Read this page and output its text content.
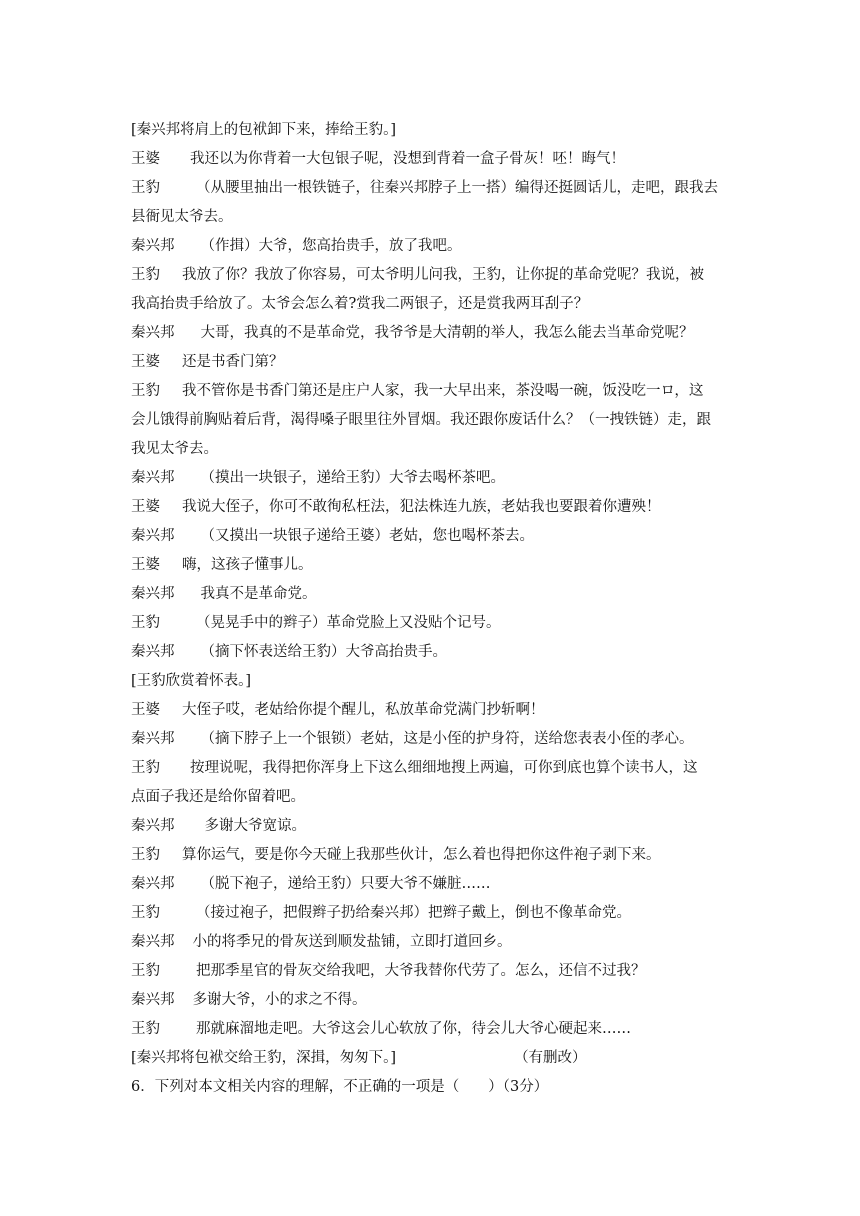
[秦兴邦将肩上的包袱卸下来，捧给王豹。]
王婆 我还以为你背着一大包银子呢，没想到背着一盒子骨灰！呸！晦气！
王豹 （从腰里抽出一根铁链子，往秦兴邦脖子上一搭）编得还挺圆话儿，走吧，跟我去
县衙见太爷去。
秦兴邦 （作揖）大爷，您高抬贵手，放了我吧。
王豹 我放了你？我放了你容易，可太爷明儿问我，王豹，让你捉的革命党呢？我说，被
我高抬贵手给放了。太爷会怎么着?赏我二两银子，还是赏我两耳刮子？
秦兴邦 大哥，我真的不是革命党，我爷爷是大清朝的举人，我怎么能去当革命党呢？
王婆 还是书香门第？
王豹 我不管你是书香门第还是庄户人家，我一大早出来，茶没喝一碗，饭没吃一ロ，这
会儿饿得前胸贴着后背，渴得嗓子眼里往外冒烟。我还跟你废话什么？（一拽铁链）走，跟
我见太爷去。
秦兴邦 （摸出一块银子，递给王豹）大爷去喝杯茶吧。
王婆 我说大侄子，你可不敢徇私枉法，犯法株连九族，老姑我也要跟着你遭殃！
秦兴邦 （又摸出一块银子递给王婆）老姑，您也喝杯茶去。
王婆 嗨，这孩子懂事儿。
秦兴邦 我真不是革命党。
王豹 （晃晃手中的辫子）革命党脸上又没贴个记号。
秦兴邦 （摘下怀表送给王豹）大爷高抬贵手。
[王豹欣赏着怀表。]
王婆 大侄子哎，老姑给你提个醒儿，私放革命党满门抄斩啊！
秦兴邦 （摘下脖子上一个银锁）老姑，这是小侄的护身符，送给您表表小侄的孝心。
王豹 按理说呢，我得把你浑身上下这么细细地搜上两遍，可你到底也算个读书人，这
点面子我还是给你留着吧。
秦兴邦 多谢大爷宽谅。
王豹 算你运气，要是你今天碰上我那些伙计，怎么着也得把你这件袍子剥下来。
秦兴邦 （脱下袍子，递给王豹）只要大爷不嫌脏……
王豹 （接过袍子，把假辫子扔给秦兴邦）把辫子戴上，倒也不像革命党。
秦兴邦 小的将季兄的骨灰送到顺发盐铺，立即打道回乡。
王豹 把那季星官的骨灰交给我吧，大爷我替你代劳了。怎么，还信不过我？
秦兴邦 多谢大爷，小的求之不得。
王豹 那就麻溜地走吧。大爷这会儿心软放了你，待会儿大爷心硬起来……
[秦兴邦将包袱交给王豹，深揖，匆匆下。]	（有删改）
6．下列对本文相关内容的理解，不正确的一项是（　　）（3分）
